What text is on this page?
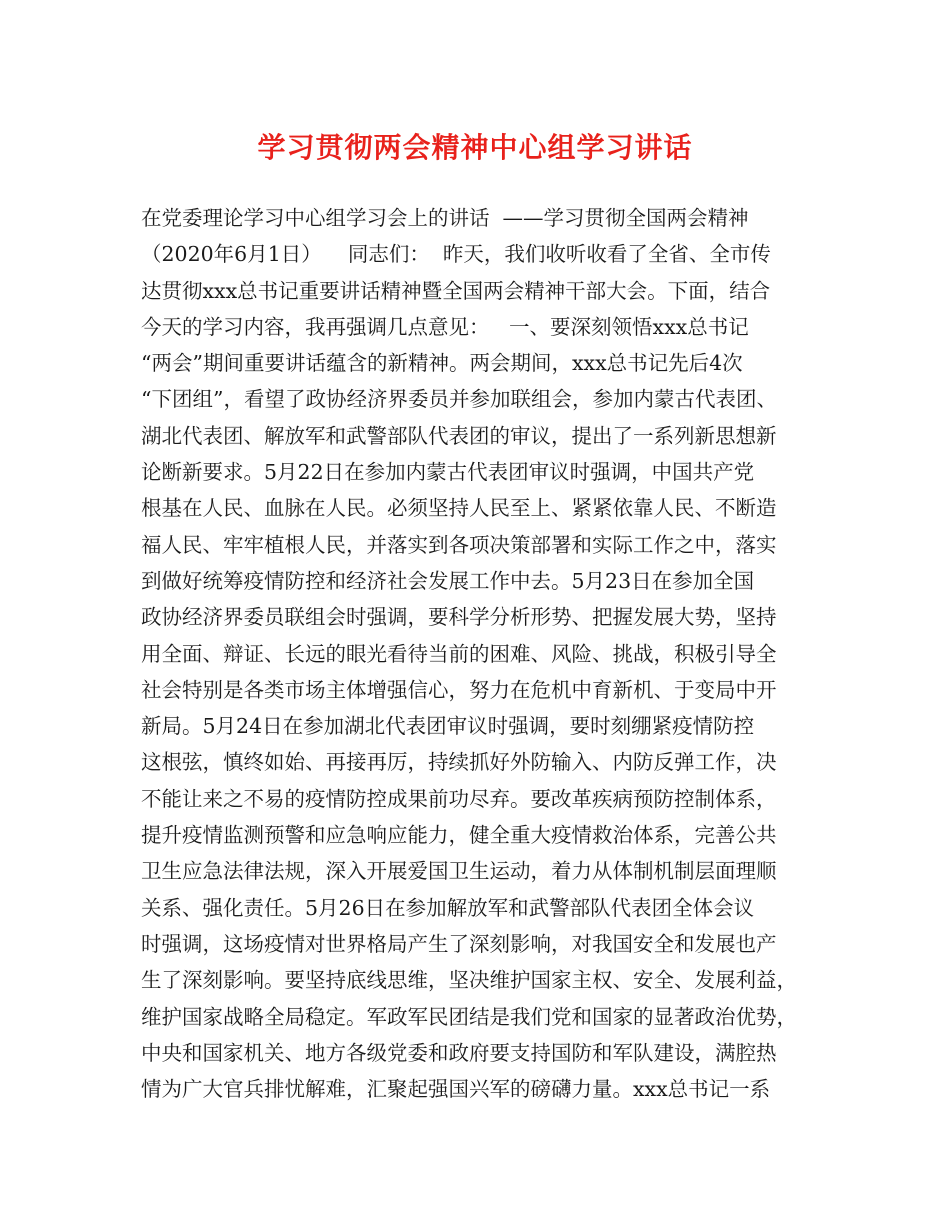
学习贯彻两会精神中心组学习讲话
在党委理论学习中心组学习会上的讲话  ——学习贯彻全国两会精神
（2020年6月1日）    同志们：  昨天，我们收听收看了全省、全市传
达贯彻xxx总书记重要讲话精神暨全国两会精神干部大会。下面，结合
今天的学习内容，我再强调几点意见：   一、要深刻领悟xxx总书记
“两会”期间重要讲话蕴含的新精神。两会期间，xxx总书记先后4次
“下团组”，看望了政协经济界委员并参加联组会，参加内蒙古代表团、
湖北代表团、解放军和武警部队代表团的审议，提出了一系列新思想新
论断新要求。5月22日在参加内蒙古代表团审议时强调，中国共产党
根基在人民、血脉在人民。必须坚持人民至上、紧紧依靠人民、不断造
福人民、牢牢植根人民，并落实到各项决策部署和实际工作之中，落实
到做好统筹疫情防控和经济社会发展工作中去。5月23日在参加全国
政协经济界委员联组会时强调，要科学分析形势、把握发展大势，坚持
用全面、辩证、长远的眼光看待当前的困难、风险、挑战，积极引导全
社会特别是各类市场主体增强信心，努力在危机中育新机、于变局中开
新局。5月24日在参加湖北代表团审议时强调，要时刻绷紧疫情防控
这根弦，慎终如始、再接再厉，持续抓好外防输入、内防反弹工作，决
不能让来之不易的疫情防控成果前功尽弃。要改革疾病预防控制体系，
提升疫情监测预警和应急响应能力，健全重大疫情救治体系，完善公共
卫生应急法律法规，深入开展爱国卫生运动，着力从体制机制层面理顺
关系、强化责任。5月26日在参加解放军和武警部队代表团全体会议
时强调，这场疫情对世界格局产生了深刻影响，对我国安全和发展也产
生了深刻影响。要坚持底线思维，坚决维护国家主权、安全、发展利益，
维护国家战略全局稳定。军政军民团结是我们党和国家的显著政治优势，
中央和国家机关、地方各级党委和政府要支持国防和军队建设，满腔热
情为广大官兵排忧解难，汇聚起强国兴军的磅礴力量。xxx总书记一系
